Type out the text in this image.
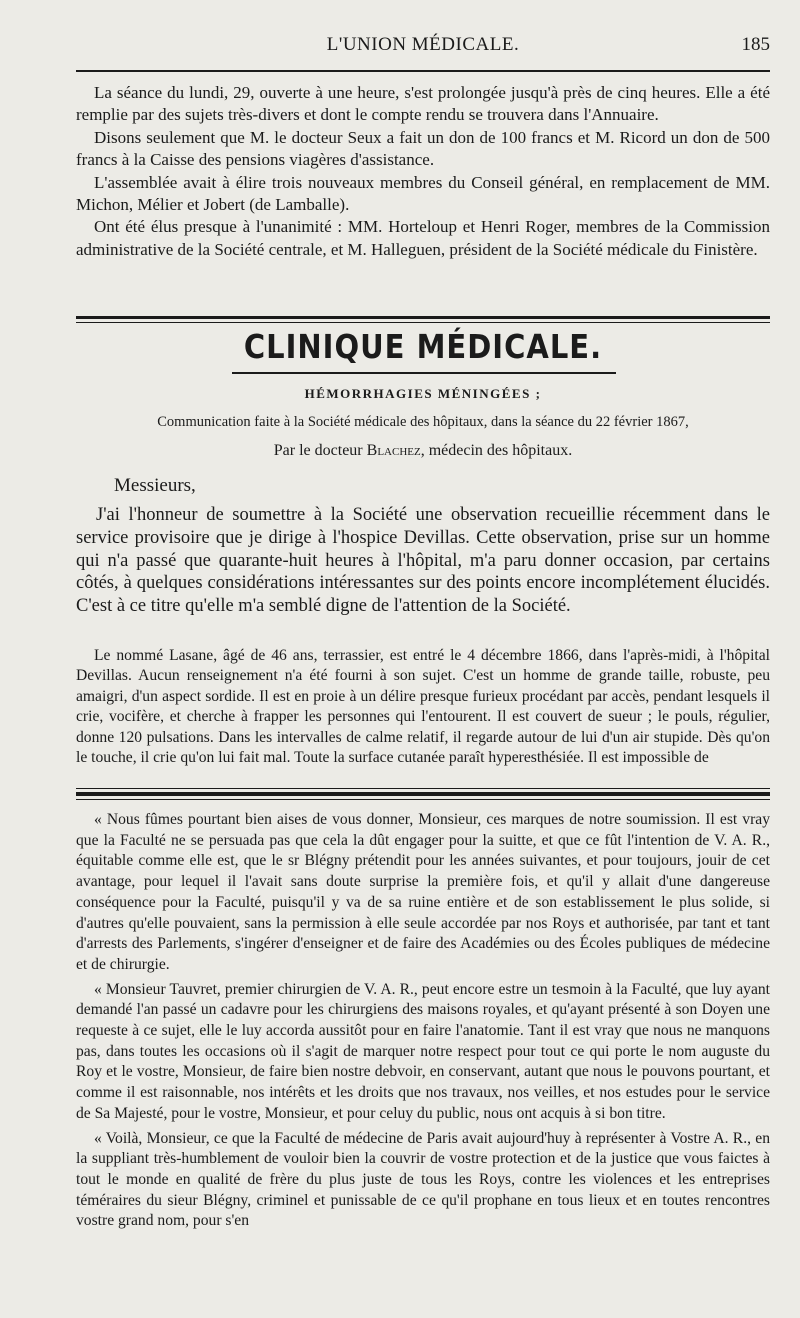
L'UNION MÉDICALE.	185

La séance du lundi, 29, ouverte à une heure, s'est prolongée jusqu'à près de cinq heures. Elle a été remplie par des sujets très-divers et dont le compte rendu se trouvera dans l'Annuaire.

Disons seulement que M. le docteur Seux a fait un don de 100 francs et M. Ricord un don de 500 francs à la Caisse des pensions viagères d'assistance.

L'assemblée avait à élire trois nouveaux membres du Conseil général, en remplacement de MM. Michon, Mélier et Jobert (de Lamballe).

Ont été élus presque à l'unanimité : MM. Horteloup et Henri Roger, membres de la Commission administrative de la Société centrale, et M. Halleguen, président de la Société médicale du Finistère.

CLINIQUE MÉDICALE.
HÉMORRHAGIES MÉNINGÉES ;
Communication faite à la Société médicale des hôpitaux, dans la séance du 22 février 1867,
Par le docteur Blachez, médecin des hôpitaux.

Messieurs,

J'ai l'honneur de soumettre à la Société une observation recueillie récemment dans le service provisoire que je dirige à l'hospice Devillas. Cette observation, prise sur un homme qui n'a passé que quarante-huit heures à l'hôpital, m'a paru donner occasion, par certains côtés, à quelques considérations intéressantes sur des points encore incomplétement élucidés. C'est à ce titre qu'elle m'a semblé digne de l'attention de la Société.

Le nommé Lasane, âgé de 46 ans, terrassier, est entré le 4 décembre 1866, dans l'après-midi, à l'hôpital Devillas. Aucun renseignement n'a été fourni à son sujet. C'est un homme de grande taille, robuste, peu amaigri, d'un aspect sordide. Il est en proie à un délire presque furieux procédant par accès, pendant lesquels il crie, vocifère, et cherche à frapper les personnes qui l'entourent. Il est couvert de sueur ; le pouls, régulier, donne 120 pulsations. Dans les intervalles de calme relatif, il regarde autour de lui d'un air stupide. Dès qu'on le touche, il crie qu'on lui fait mal. Toute la surface cutanée paraît hyperesthésiée. Il est impossible de

« Nous fûmes pourtant bien aises de vous donner, Monsieur, ces marques de notre soumission. Il est vray que la Faculté ne se persuada pas que cela la dût engager pour la suitte, et que ce fût l'intention de V. A. R., équitable comme elle est, que le sr Blégny prétendit pour les années suivantes, et pour toujours, jouir de cet avantage, pour lequel il l'avait sans doute surprise la première fois, et qu'il y allait d'une dangereuse conséquence pour la Faculté, puisqu'il y va de sa ruine entière et de son establissement le plus solide, si d'autres qu'elle pouvaient, sans la permission à elle seule accordée par nos Roys et authorisée, par tant et tant d'arrests des Parlements, s'ingérer d'enseigner et de faire des Académies ou des Écoles publiques de médecine et de chirurgie.

« Monsieur Tauvret, premier chirurgien de V. A. R., peut encore estre un tesmoin à la Faculté, que luy ayant demandé l'an passé un cadavre pour les chirurgiens des maisons royales, et qu'ayant présenté à son Doyen une requeste à ce sujet, elle le luy accorda aussitôt pour en faire l'anatomie. Tant il est vray que nous ne manquons pas, dans toutes les occasions où il s'agit de marquer notre respect pour tout ce qui porte le nom auguste du Roy et le vostre, Monsieur, de faire bien nostre debvoir, en conservant, autant que nous le pouvons pourtant, et comme il est raisonnable, nos intérêts et les droits que nos travaux, nos veilles, et nos estudes pour le service de Sa Majesté, pour le vostre, Monsieur, et pour celuy du public, nous ont acquis à si bon titre.

« Voilà, Monsieur, ce que la Faculté de médecine de Paris avait aujourd'huy à représenter à Vostre A. R., en la suppliant très-humblement de vouloir bien la couvrir de vostre protection et de la justice que vous faictes à tout le monde en qualité de frère du plus juste de tous les Roys, contre les violences et les entreprises téméraires du sieur Blégny, criminel et punissable de ce qu'il prophane en tous lieux et en toutes rencontres vostre grand nom, pour s'en
